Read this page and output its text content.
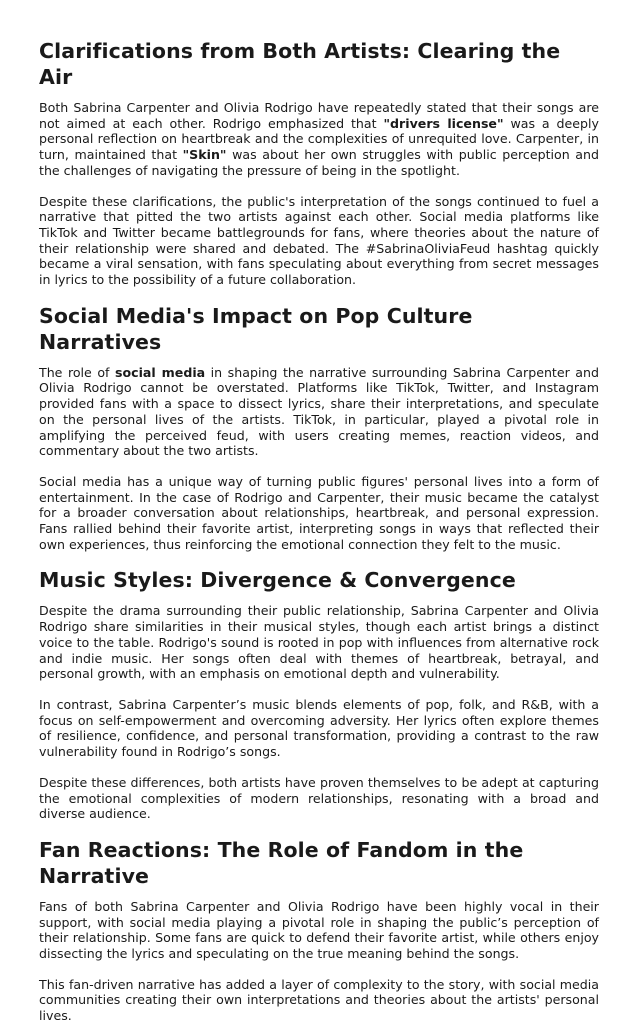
Clarifications from Both Artists: Clearing the Air

Both Sabrina Carpenter and Olivia Rodrigo have repeatedly stated that their songs are not aimed at each other. Rodrigo emphasized that "drivers license" was a deeply personal reflection on heartbreak and the complexities of unrequited love. Carpenter, in turn, maintained that "Skin" was about her own struggles with public perception and the challenges of navigating the pressure of being in the spotlight.

Despite these clarifications, the public's interpretation of the songs continued to fuel a narrative that pitted the two artists against each other. Social media platforms like TikTok and Twitter became battlegrounds for fans, where theories about the nature of their relationship were shared and debated. The #SabrinaOliviaFeud hashtag quickly became a viral sensation, with fans speculating about everything from secret messages in lyrics to the possibility of a future collaboration.

Social Media's Impact on Pop Culture Narratives

The role of social media in shaping the narrative surrounding Sabrina Carpenter and Olivia Rodrigo cannot be overstated. Platforms like TikTok, Twitter, and Instagram provided fans with a space to dissect lyrics, share their interpretations, and speculate on the personal lives of the artists. TikTok, in particular, played a pivotal role in amplifying the perceived feud, with users creating memes, reaction videos, and commentary about the two artists.

Social media has a unique way of turning public figures' personal lives into a form of entertainment. In the case of Rodrigo and Carpenter, their music became the catalyst for a broader conversation about relationships, heartbreak, and personal expression. Fans rallied behind their favorite artist, interpreting songs in ways that reflected their own experiences, thus reinforcing the emotional connection they felt to the music.

Music Styles: Divergence & Convergence

Despite the drama surrounding their public relationship, Sabrina Carpenter and Olivia Rodrigo share similarities in their musical styles, though each artist brings a distinct voice to the table. Rodrigo's sound is rooted in pop with influences from alternative rock and indie music. Her songs often deal with themes of heartbreak, betrayal, and personal growth, with an emphasis on emotional depth and vulnerability.

In contrast, Sabrina Carpenter’s music blends elements of pop, folk, and R&B, with a focus on self-empowerment and overcoming adversity. Her lyrics often explore themes of resilience, confidence, and personal transformation, providing a contrast to the raw vulnerability found in Rodrigo’s songs.

Despite these differences, both artists have proven themselves to be adept at capturing the emotional complexities of modern relationships, resonating with a broad and diverse audience.

Fan Reactions: The Role of Fandom in the Narrative

Fans of both Sabrina Carpenter and Olivia Rodrigo have been highly vocal in their support, with social media playing a pivotal role in shaping the public’s perception of their relationship. Some fans are quick to defend their favorite artist, while others enjoy dissecting the lyrics and speculating on the true meaning behind the songs.

This fan-driven narrative has added a layer of complexity to the story, with social media communities creating their own interpretations and theories about the artists' personal lives.
